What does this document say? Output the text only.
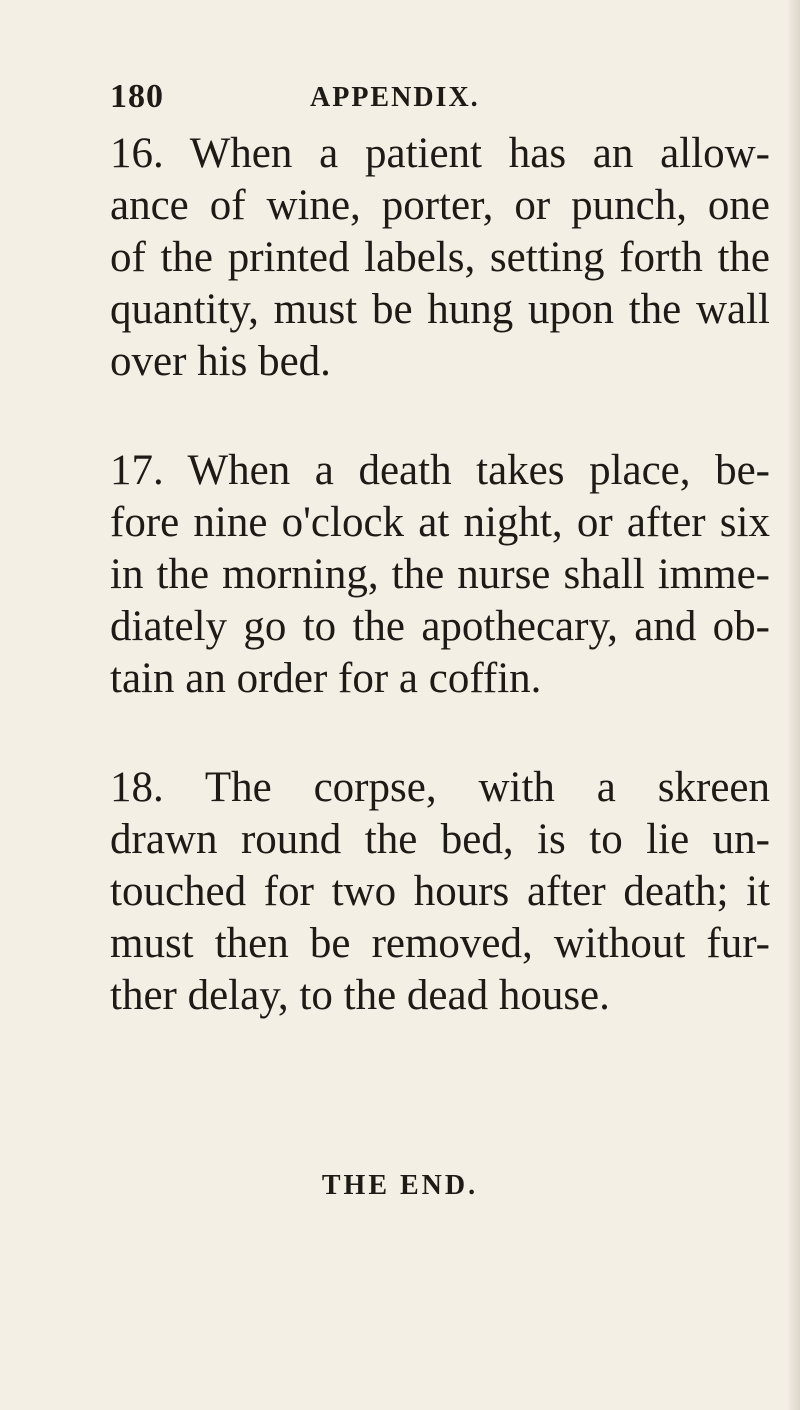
180	APPENDIX.
16. When a patient has an allow-
ance of wine, porter, or punch, one
of the printed labels, setting forth the
quantity, must be hung upon the wall
over his bed.
17. When a death takes place, be-
fore nine o'clock at night, or after six
in the morning, the nurse shall imme-
diately go to the apothecary, and ob-
tain an order for a coffin.
18. The corpse, with a skreen
drawn round the bed, is to lie un-
touched for two hours after death; it
must then be removed, without fur-
ther delay, to the dead house.
THE END.
